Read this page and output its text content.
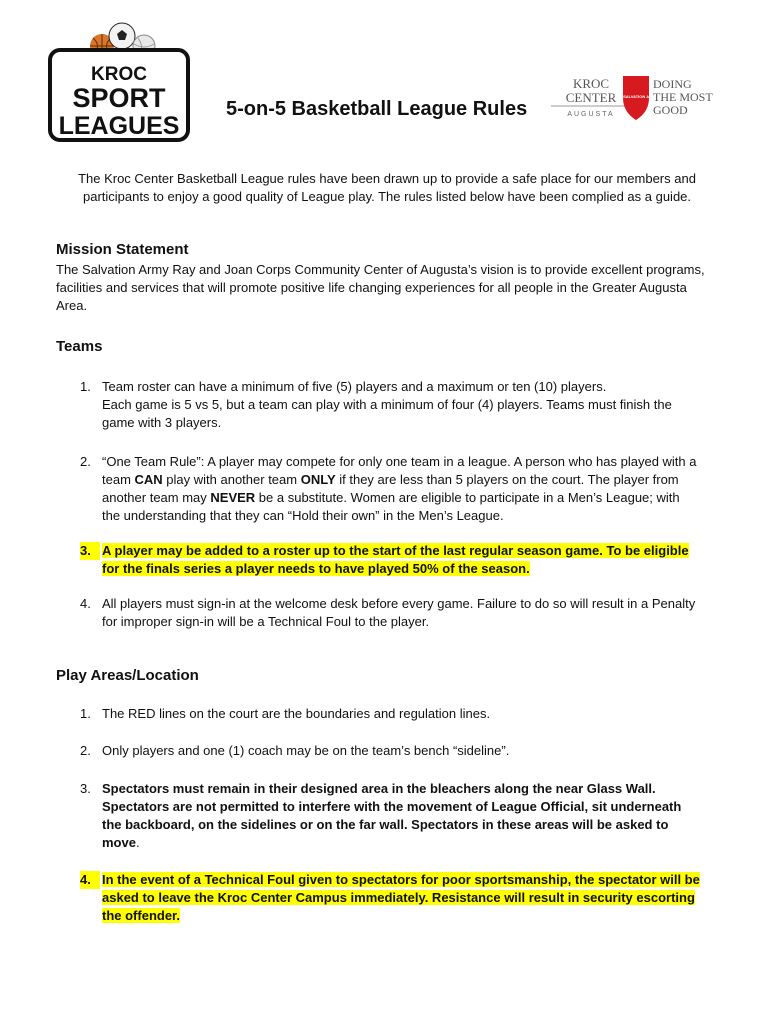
KROC
SPORT
LEAGUES
5-on-5 Basketball League Rules
KROC
CENTER
AUGUSTA
THE SALVATION ARMY
DOING
THE MOST
GOOD
The Kroc Center Basketball League rules have been drawn up to provide a safe place for our members and participants to enjoy a good quality of League play. The rules listed below have been complied as a guide.
Mission Statement
The Salvation Army Ray and Joan Corps Community Center of Augusta’s vision is to provide excellent programs, facilities and services that will promote positive life changing experiences for all people in the Greater Augusta Area.
Teams
1. Team roster can have a minimum of five (5) players and a maximum or ten (10) players.
Each game is 5 vs 5, but a team can play with a minimum of four (4) players. Teams must finish the game with 3 players.
2. “One Team Rule”: A player may compete for only one team in a league. A person who has played with a team CAN play with another team ONLY if they are less than 5 players on the court. The player from another team may NEVER be a substitute. Women are eligible to participate in a Men’s League; with the understanding that they can “Hold their own” in the Men’s League.
3. A player may be added to a roster up to the start of the last regular season game. To be eligible for the finals series a player needs to have played 50% of the season.
4. All players must sign-in at the welcome desk before every game. Failure to do so will result in a Penalty for improper sign-in will be a Technical Foul to the player.
Play Areas/Location
1. The RED lines on the court are the boundaries and regulation lines.
2. Only players and one (1) coach may be on the team’s bench “sideline”.
3. Spectators must remain in their designed area in the bleachers along the near Glass Wall. Spectators are not permitted to interfere with the movement of League Official, sit underneath the backboard, on the sidelines or on the far wall. Spectators in these areas will be asked to move.
4. In the event of a Technical Foul given to spectators for poor sportsmanship, the spectator will be asked to leave the Kroc Center Campus immediately. Resistance will result in security escorting the offender.
